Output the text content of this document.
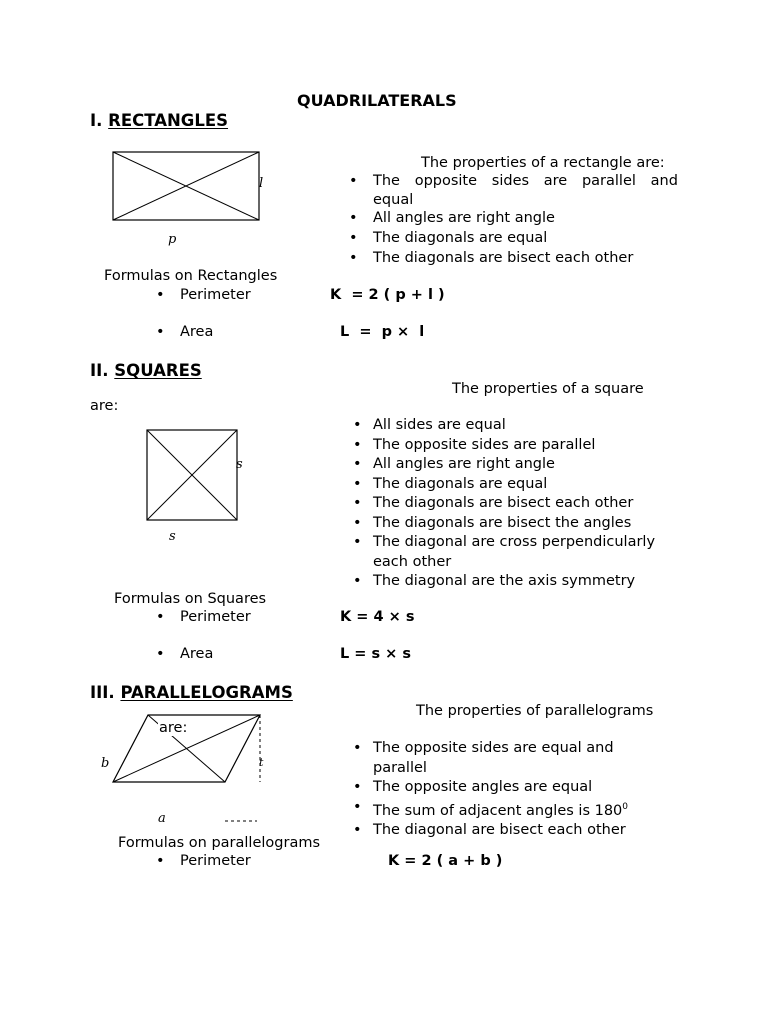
QUADRILATERALS
I. RECTANGLES
l
p
The properties of a rectangle are:
The opposite sides are parallel and
equal
All angles are right angle
The diagonals are equal
The diagonals are bisect each other
Formulas on Rectangles
Perimeter	K  = 2 ( p + l )
Area	L  =  p ×  l
II. SQUARES
The properties of a square
are:
s
s
• All sides are equal
• The opposite sides are parallel
• All angles are right angle
• The diagonals are equal
• The diagonals are bisect each other
• The diagonals are bisect the angles
• The diagonal are cross perpendicularly
each other
• The diagonal are the axis symmetry
Formulas on Squares
Perimeter	K = 4 × s
Area	L = s × s
III. PARALLELOGRAMS
The properties of parallelograms
are:
b	t
a
• The opposite sides are equal and
parallel
• The opposite angles are equal
• The sum of adjacent angles is $180^0$
• The diagonal are bisect each other
Formulas on parallelograms
Perimeter	K = 2 ( a + b )
